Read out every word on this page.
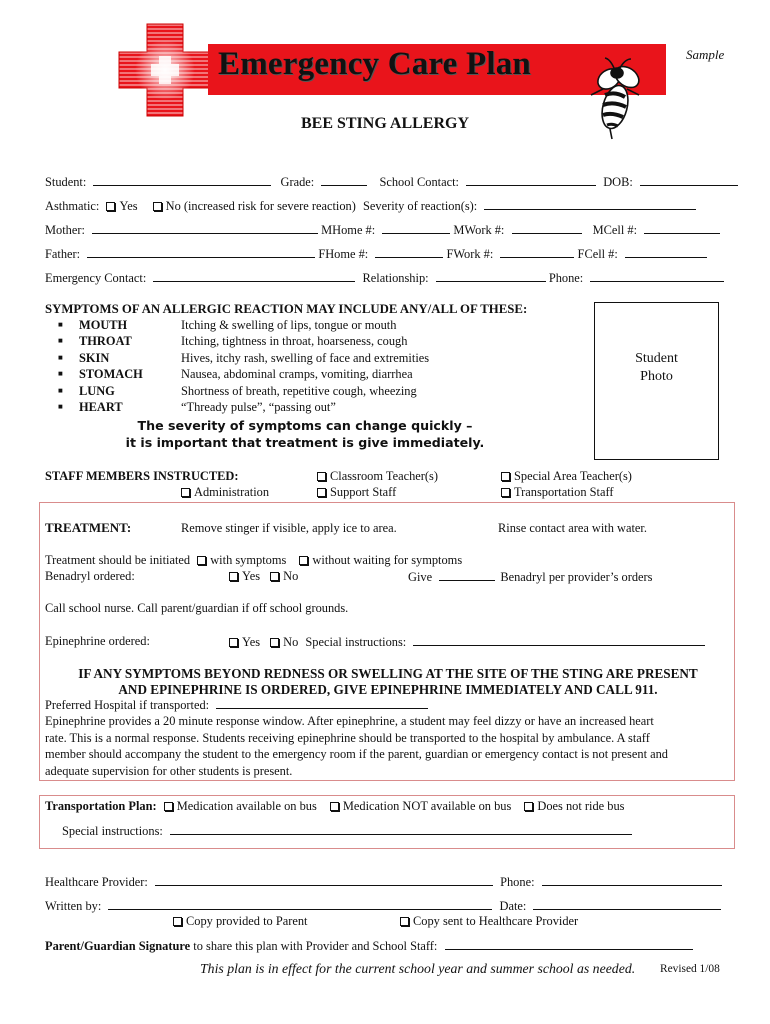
Emergency Care Plan	Sample
BEE STING ALLERGY
Student:	Grade:	School Contact:	DOB:
Asthmatic: Yes No (increased risk for severe reaction) Severity of reaction(s):
Mother:	MHome #:	MWork #:	MCell #:
Father:	FHome #:	FWork #:	FCell #:
Emergency Contact:	Relationship:	Phone:
SYMPTOMS OF AN ALLERGIC REACTION MAY INCLUDE ANY/ALL OF THESE:
■ MOUTH	Itching & swelling of lips, tongue or mouth
■ THROAT	Itching, tightness in throat, hoarseness, cough
■ SKIN	Hives, itchy rash, swelling of face and extremities
■ STOMACH	Nausea, abdominal cramps, vomiting, diarrhea
■ LUNG	Shortness of breath, repetitive cough, wheezing
■ HEART	“Thready pulse”, “passing out”
The severity of symptoms can change quickly –
it is important that treatment is give immediately.
Student
Photo
STAFF MEMBERS INSTRUCTED:	Classroom Teacher(s)	Special Area Teacher(s)
Administration	Support Staff	Transportation Staff
TREATMENT:	Remove stinger if visible, apply ice to area.	Rinse contact area with water.
Treatment should be initiated with symptoms without waiting for symptoms
Benadryl ordered:	Yes No	Give	Benadryl per provider’s orders
Call school nurse. Call parent/guardian if off school grounds.
Epinephrine ordered:	Yes No Special instructions:
IF ANY SYMPTOMS BEYOND REDNESS OR SWELLING AT THE SITE OF THE STING ARE PRESENT
AND EPINEPHRINE IS ORDERED, GIVE EPINEPHRINE IMMEDIATELY AND CALL 911.
Preferred Hospital if transported:
Epinephrine provides a 20 minute response window. After epinephrine, a student may feel dizzy or have an increased heart
rate. This is a normal response. Students receiving epinephrine should be transported to the hospital by ambulance. A staff
member should accompany the student to the emergency room if the parent, guardian or emergency contact is not present and
adequate supervision for other students is present.
Transportation Plan: Medication available on bus Medication NOT available on bus Does not ride bus
Special instructions:
Healthcare Provider:	Phone:
Written by:	Date:
Copy provided to Parent	Copy sent to Healthcare Provider
Parent/Guardian Signature to share this plan with Provider and School Staff:
This plan is in effect for the current school year and summer school as needed. Revised 1/08
